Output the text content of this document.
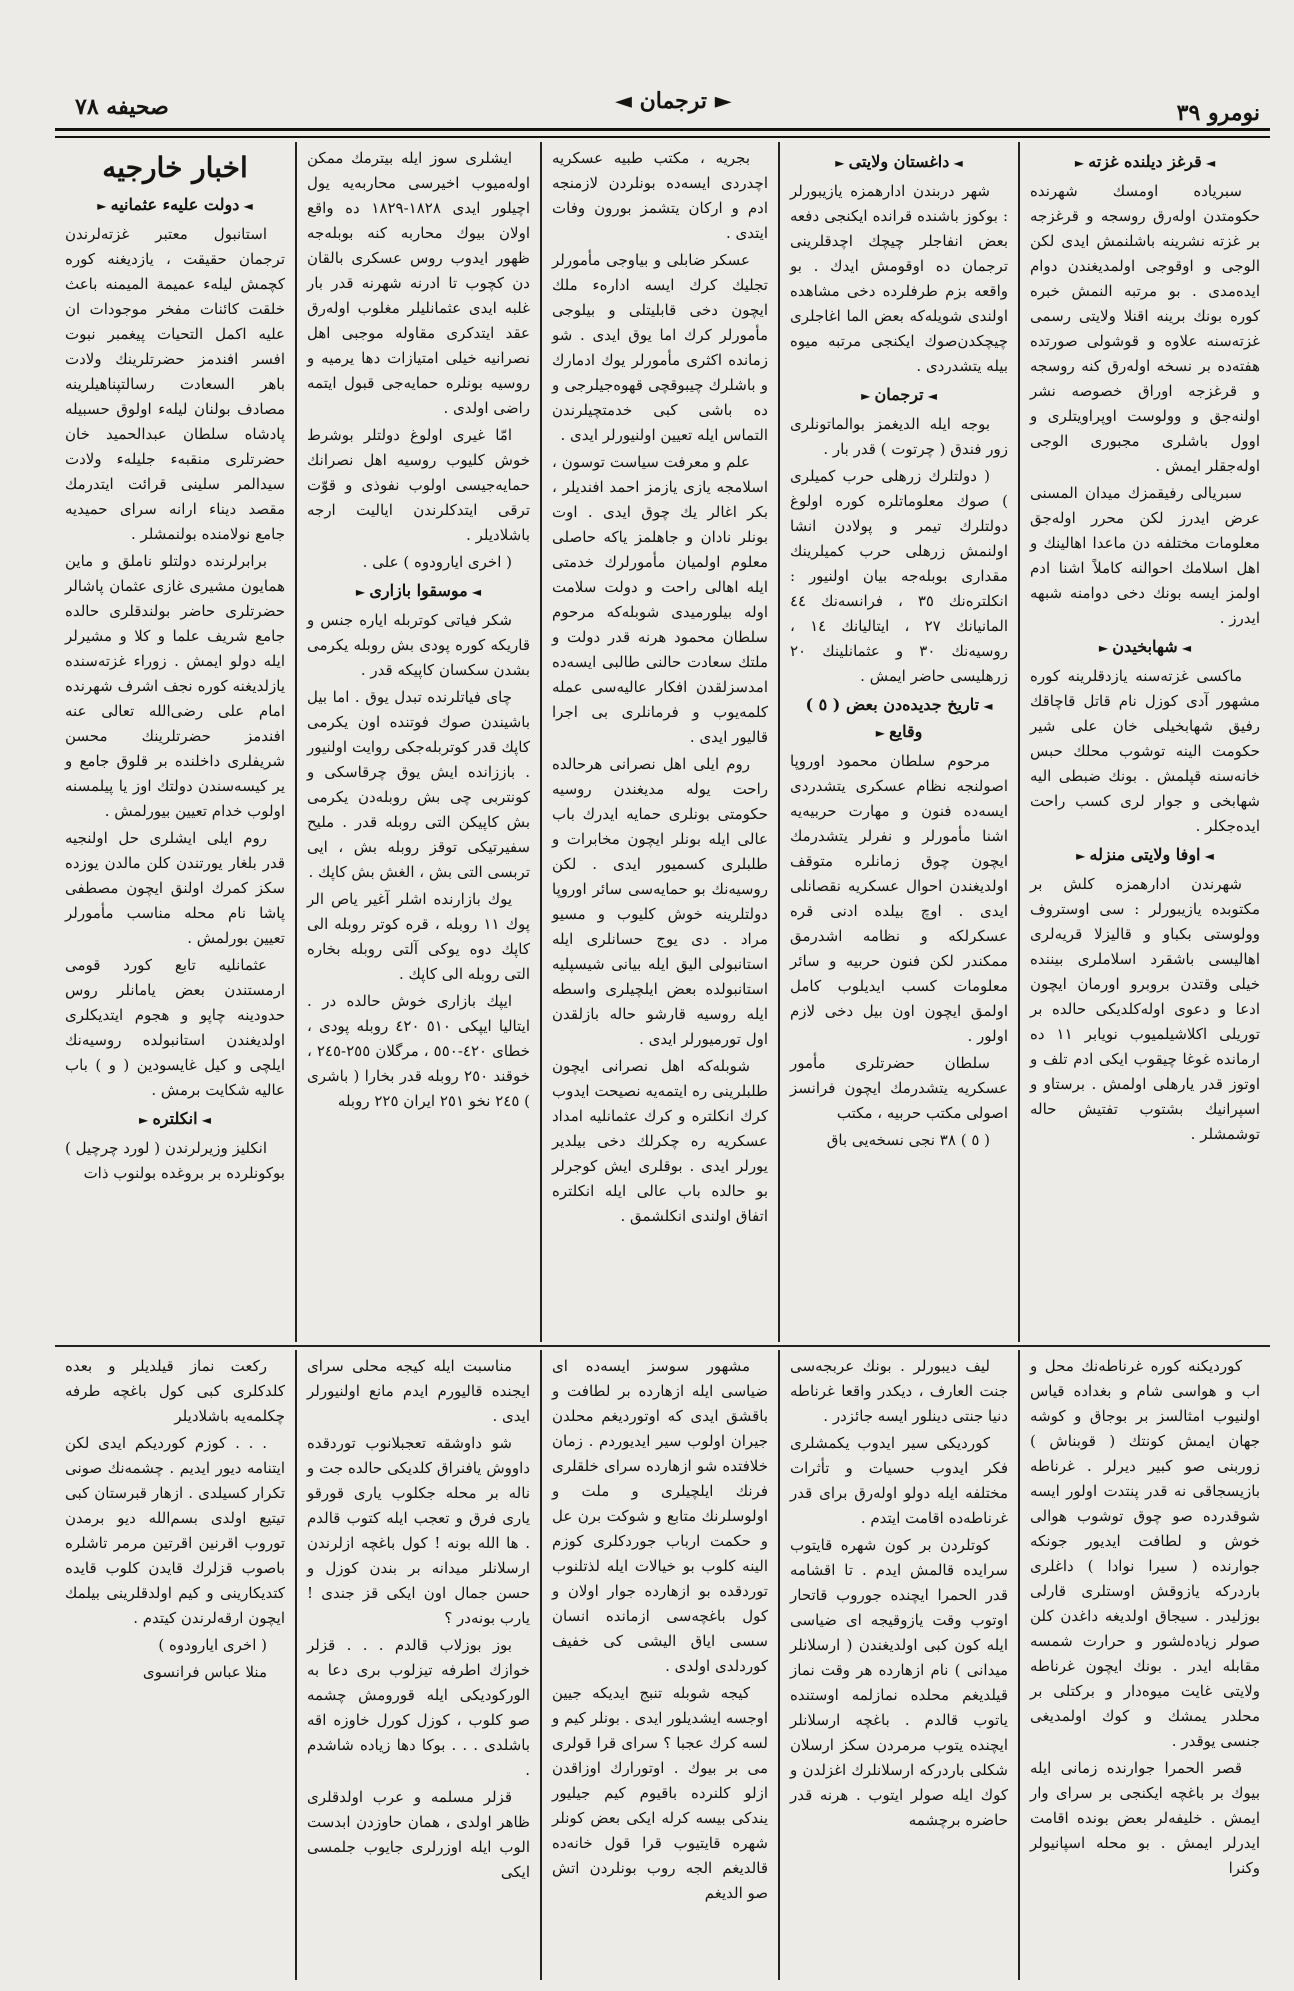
صحيفه ٧٨	◄ ترجمان ►	نومرو ٣٩
◄ قرغز دیلنده غزته ►

سبریاده اومسك شهرنده حكومتدن اوله‌رق روسجه و قرغزجه بر غزته نشرینه باشلنمش ایدی لكن الوجی و اوقوجی اولمدیغندن دوام ایده‌مدی . بو مرتبه النمش خبره كوره بونك برینه اقنلا ولایتی رسمی غزته‌سنه علاوه و قوشولی صورتده هفته‌ده بر نسخه اوله‌رق كنه روسجه و قرغزجه اوراق خصوصه نشر اولنه‌جق و وولوست اوپراویتلری و اوول باشلری مجبوری الوجی اوله‌جقلر ایمش .

سبریالی رفیقمزك میدان المسنی عرض ایدرز لكن محرر اوله‌جق معلومات مختلفه دن ماعدا اهالینك و اهل اسلامك احوالنه كاملاً اشنا ادم اولمز ایسه بونك دخی دوامنه شبهه ایدرز .

◄ شهابخیدن ►

ماكسی غزته‌سنه یازدقلرینه كوره مشهور آدی كوزل نام قاتل قاچاقك رفیق شهابخیلی خان علی شیر حكومت الینه توشوب محلك حبس خانه‌سنه قپلمش . بونك ضبطی الیه شهابخی و جوار لری كسب راحت ایده‌جكلر .

◄ اوفا ولایتی منزله ►

شهرندن ادارهمزه كلش بر مكتوبده یازیبورلر : سی اوستروف وولوستی بكباو و قالیزلا قریه‌لری اهالیسی باشقرد اسلاملری بیننده خیلی وقتدن بروبرو اورمان ایچون ادعا و دعوی اوله‌كلدیكی حالده بر توریلی اكلاشیلمیوب نویابر ١١ ده ارمانده غوغا چیقوب ایکی ادم تلف و اوتوز قدر یارهلی اولمش . برستاو و اسپرانیك بشتوب تفتیش حاله توشمشلر .

◄ داغستان ولایتی ►

شهر دربندن ادارهمزه یازیبورلر : بوكوز باشنده قرانده ایكنجی دفعه بعض انفاجلر چیچك اچدقلرینی ترجمان ده اوقومش ایدك . بو واقعه بزم طرفلرده دخی مشاهده اولندی شویله‌كه بعض الما اغاجلری چیچكدن‌صوك ایكنجی مرتبه میوه بیله یتشدردی .

◄ ترجمان ►

بوجه ایله الدیغمز بوالماتونلری زور فندق ( چرتوت ) قدر بار .

( دولتلرك زرهلی حرب كمیلری ) صوك معلوماتلره كوره اولوغ دولتلرك تیمر و پولادن انشا اولنمش زرهلی حرب كمیلرینك مقداری بوبله‌جه بیان اولنیور : انكلتره‌نك ٣٥ ، فرانسه‌نك ٤٤ المانیانك ٢٧ ، ایتالیانك ١٤ ، روسیه‌نك ٣٠ و عثمانلینك ٢٠ زرهلیسی حاضر ایمش .

◄ تاریخ جدیده‌دن بعض ( ٥ ) وقایع ►

مرحوم سلطان محمود اوروپا اصولنجه نظام عسكری یتشدردی ایسه‌ده فنون و مهارت حربیه‌یه اشنا مأمورلر و نفرلر یتشدرمك ایچون چوق زمانلره متوقف اولدیغندن احوال عسكریه نقصانلی ایدی . اوچ بیلده ادنی قره عسكرلكه و نظامه اشدرمق ممكندر لكن فنون حربیه و سائر معلومات كسب ایدیلوب كامل اولمق ایچون اون بیل دخی لازم اولور .

سلطان حضرتلری مأمور عسكریه یتشدرمك ایچون فرانسز اصولی مكتب حربیه ، مكتب

( ٥ ) ٣٨ نجی نسخه‌یی باق

بجریه ، مكتب طبیه عسكریه اچدردی ایسه‌ده بونلردن لازمنجه ادم و اركان یتشمز بورون وفات ایتدی .

عسكر ضابلی و بیاوجی مأمورلر تجلیك كرك ایسه ادارهء ملك ایچون دخی قابلیتلی و بیلوجی مأمورلر كرك اما یوق ایدی . شو زمانده اكثری مأمورلر یوك ادمارك و باشلرك چیبوقچی قهوه‌جیلرجی و ده باشی كبی خدمتچیلرندن التماس ایله تعیین اولنیورلر ایدی .

علم و معرفت سیاست توسون ، اسلامجه یازی یازمز احمد افندیلر ، بكر اغالر یك چوق ایدی . اوت بونلر نادان و جاهلمز یاكه حاصلی معلوم اولمیان مأمورلرك خدمتی ایله اهالی راحت و دولت سلامت اوله بیلورمیدی شوبله‌كه مرحوم سلطان محمود هرنه قدر دولت و ملتك سعادت حالنی طالبی ایسه‌ده امدسزلقدن افكار عالیه‌سی عمله كلمه‌یوب و فرمانلری بی اجرا قالیور ایدی .

روم ایلی اهل نصرانی هرحالده راحت یوله مدیغندن روسیه حكومتی بونلری حمایه ایدرك باب عالی ایله بونلر ایچون مخابرات و طلبلری كسمیور ایدی . لكن روسیه‌نك بو حمایه‌سی سائر اوروپا دولتلرینه خوش كلیوب و مسیو مراد . دی یوج حسانلری ایله استانبولی الیق ایله بیانی شیسپلیه استانبولده بعض ایلچیلری واسطه ایله روسیه قارشو حاله بازلقدن اول تورمیورلر ایدی .

شوبله‌كه اهل نصرانی ایچون طلبلرینی ره ایتمه‌یه نصیحت ایدوب كرك انكلتره و كرك عثمانلیه امداد عسكریه ره چكرلك دخی بیلدیر یورلر ایدی . بوقلری ایش كوجرلر بو حالده باب عالی ایله انكلتره اتفاق اولندی انكلشمق .

ایشلری سوز ایله بیترمك ممكن اوله‌میوب اخیرسی محاربه‌یه یول اچیلور ایدی ١٨٢٨-١٨٢٩ ده واقع اولان بیوك محاربه كنه بوبله‌جه ظهور ایدوب روس عسكری بالقان دن كچوب تا ادرنه شهرنه قدر بار غلبه ایدی عثمانلیلر مغلوب اوله‌رق عقد ایتدكری مقاوله موجبی اهل نصرانیه خیلی امتیازات دها یرمیه و روسیه بونلره حمایه‌جی قبول ایتمه راضی اولدی .

امّا غیری اولوغ دولتلر بوشرط خوش كلیوب روسیه اهل نصرانك حمایه‌جیسی اولوب نفوذی و قوّت ترقی ایتدكلرندن ایالیت ارجه باشلادیلر .

( اخری ایارودوه ) علی .

◄ موسقوا بازاری ►

شكر فیاتی كوتربله ایاره جنس و قاریكه كوره پودی بش روبله یكرمی بشدن سكسان كاپیكه قدر .

چای فیاتلرنده تبدل یوق . اما بیل باشیندن صوك فوتنده اون یكرمی كاپك قدر كوتربله‌جكی روایت اولنیور . باززانده ایش یوق چرقاسكی و كونتربی چی بش روبله‌دن یكرمی بش كاپیكن التی روبله قدر . ملیح سفیرتیکی توقز روبله بش ، ایی تربسی التی بش ، الغش بش كاپك .

یوك بازارنده اشلر آغیر یاص الر پوك ١١ روبله ، قره كوتر روبله الی كاپك دوه یوكی آلتی روبله بخاره التی روبله الی كاپك .

ایپك بازاری خوش حالده در . ایتالیا ایپكی ٥١٠ ٤٢٠ روبله پودی ، خطای ٤٢٠-٥٥٠ ، مرگلان ٢٥٥-٢٤٥ ، خوقند ٢٥٠ روبله قدر بخارا ( باشری ) ٢٤٥ نخو ٢٥١ ایران ٢٢٥ روبله

اخبار خارجیه
◄ دولت علیهء عثمانیه ►

استانبول معتبر غزته‌لرندن ترجمان حقیقت ، یازدیغنه كوره كچمش لیلهء عمیمة المیمنه باعث خلقت كائنات مفخر موجودات ان علیه اكمل التحیات پیغمبر نبوت افسر افندمز حضرتلرینك ولادت باهر السعادت رسالتپناهیلرینه مصادف بولنان لیلهء اولوق حسبیله پادشاه سلطان عبدالحمید خان حضرتلری منقبهء جلیله‌ء ولادت سیدالمر سلینی قرائت ایتدرمك مقصد دیناء ارانه سرای حمیدیه جامع نولامنده بولنمشلر .

برابرلرنده دولتلو ناملق و ماین همایون مشیری غازی عثمان پاشالر حضرتلری حاضر بولندقلری حالده جامع شریف علما و كلا و مشیرلر ایله دولو ایمش . زوراء غزته‌سنده یازلدیغنه كوره نجف اشرف شهرنده امام علی رضی‌الله تعالی عنه افندمز حضرتلرینك محسن شریفلری داخلنده بر قلوق جامع و یر كیسه‌سندن دولتك اوز یا پیلمسنه اولوب خدام تعیین بیورلمش .

روم ایلی ایشلری حل اولنجیه قدر بلغار یورتندن كلن مالدن یوزده سكز كمرك اولنق ایچون مصطفی پاشا نام محله مناسب مأمورلر تعیین بورلمش .

عثمانلیه تابع كورد قومی ارمستندن بعض یامانلر روس حدودینه چاپو و هجوم ایتدیكلری اولدیغندن استانبولده روسیه‌نك ایلچی و كیل غایسودین ( و ) باب عالیه شكایت برمش .

◄ انكلتره ►

انكلیز وزیرلرندن ( لورد چرچیل ) بوكونلرده بر بروغده بولنوب ذات

كوردیكنه كوره غرناطه‌نك محل و اب و هواسی شام و بغداده قیاس اولنیوب امثالسز بر بوجاق و كوشه جهان ایمش كونتك ( قوبناش ) زوربنی صو كبیر دیرلر . غرناطه بازیسجاقی نه قدر پنتدت اولور ایسه شوقدرده صو چوق توشوب هوالی خوش و لطافت ایدیور جونكه جوارنده ( سیرا نوادا ) داغلری باردركه یازوقش اوستلری قارلی بوزلیدر . سیجاق اولدیغه داغدن كلن صولر زیاده‌لشور و حرارت شمسه مقابله ایدر . بونك ایچون غرناطه ولایتی غایت میوه‌دار و بركتلی بر محلدر یمشك و كوك اولمدیغی جنسی یوقدر .

قصر الحمرا جوارنده زمانی ایله بیوك بر باغچه ایكنجی بر سرای وار ایمش . خلیفه‌لر بعض بونده اقامت ایدرلر ایمش . بو محله اسپانیولر وكنرا

لیف دیبورلر . بونك عربجه‌سی جنت العارف ، دیكدر واقعا غرناطه دنیا جنتی دینلور ایسه جائزدر .

كوردیكی سیر ایدوب یكمشلری فكر ایدوب حسیات و تأثرات مختلفه ایله دولو اوله‌رق برای قدر غرناطه‌ده اقامت ایتدم .

كوتلردن بر كون شهره قایتوب سرایده قالمش ایدم . تا اقشامه قدر الحمرا ایچنده جوروب قاتحار اوتوب وقت یازوقیجه ای ضیاسی ایله كون كبی اولدیغندن ( ارسلانلر میدانی ) نام ازهارده هر وقت نماز قیلدیغم محلده نمازلمه اوستنده یاتوب قالدم . باغچه ارسلانلر ایچنده یتوب مرمردن سكز ارسلان شكلی باردركه ارسلانلرك اغزلدن و كوك ایله صولر ایتوب . هرنه قدر حاضره برچشمه

مشهور سوسز ایسه‌ده ای ضیاسی ایله ازهارده بر لطافت و باقشق ایدی كه اوتوردیغم محلدن جیران اولوب سیر ایدیوردم . زمان خلافتده شو ازهارده سرای خلقلری فرنك ایلچیلری و ملت و اولوسلرنك متابع و شوكت برن عل و حكمت ارباب جوردكلری كوزم الینه كلوب بو خیالات ایله لذتلنوب توردقده بو ازهارده جوار اولان و كول باغچه‌سی ازمانده انسان سسی ایاق الیشی كی خفیف كوردلدی اولدی .

كیجه شوبله تنبج ایدیكه جیین اوجسه ایشدیلور ایدی . بونلر كیم و لسه كرك عجبا ؟ سرای قرا قولری می بر بیوك . اوتورارك اوزاقدن ازلو كلنرده باقیوم كیم جیلیور یندكی بیسه كرله ایكی بعض كونلر شهره قایتیوب قرا قول خانه‌ده قالدیغم الجه روب بونلردن اتش صو الدیغم

مناسبت ایله كیجه محلی سرای ایجنده قالیورم ایدم مانع اولنیورلر ایدی .

شو داوشقه تعجبلانوب توردقده داووش یافنراق كلدیكی حالده جت و ناله بر محله جكلوب یاری قورقو یاری فرق و تعجب ایله كتوب قالدم . ها الله بونه ! كول باغچه ازلرندن ارسلانلر میدانه بر بندن كوزل و حسن جمال اون ایكی قز جندی ! یارب بونه‌در ؟

بوز بوزلاب قالدم . . . قزلر خوازك اطرفه تیزلوب بری دعا به الوركودیكی ایله قورومش چشمه صو كلوب ، كوزل كورل خاوزه اقه باشلدی . . . بوكا دها زیاده شاشدم .

قزلر مسلمه و عرب اولدقلری ظاهر اولدی ، همان حاوزدن ابدست الوب ایله اوزرلری جایوب جلمسی ایكی

ركعت نماز قیلدیلر و بعده كلدكلری كبی كول باغچه طرفه چكلمه‌یه باشلادیلر

. . . كوزم كوردیكم ایدی لكن ایتنامه دیور ایدیم . چشمه‌نك صونی تكرار كسیلدی . ازهار قبرستان كبی تیتیع اولدی بسم‌الله دیو برمدن توروب اقرنین اقرتین مرمر تاشلره باصوب قزلرك قایدن كلوب قایده كتدیكارینی و كیم اولدقلرینی بیلمك ایچون ارقه‌لرندن كیتدم .

( اخری ایارودوه )

منلا عباس فرانسوی
